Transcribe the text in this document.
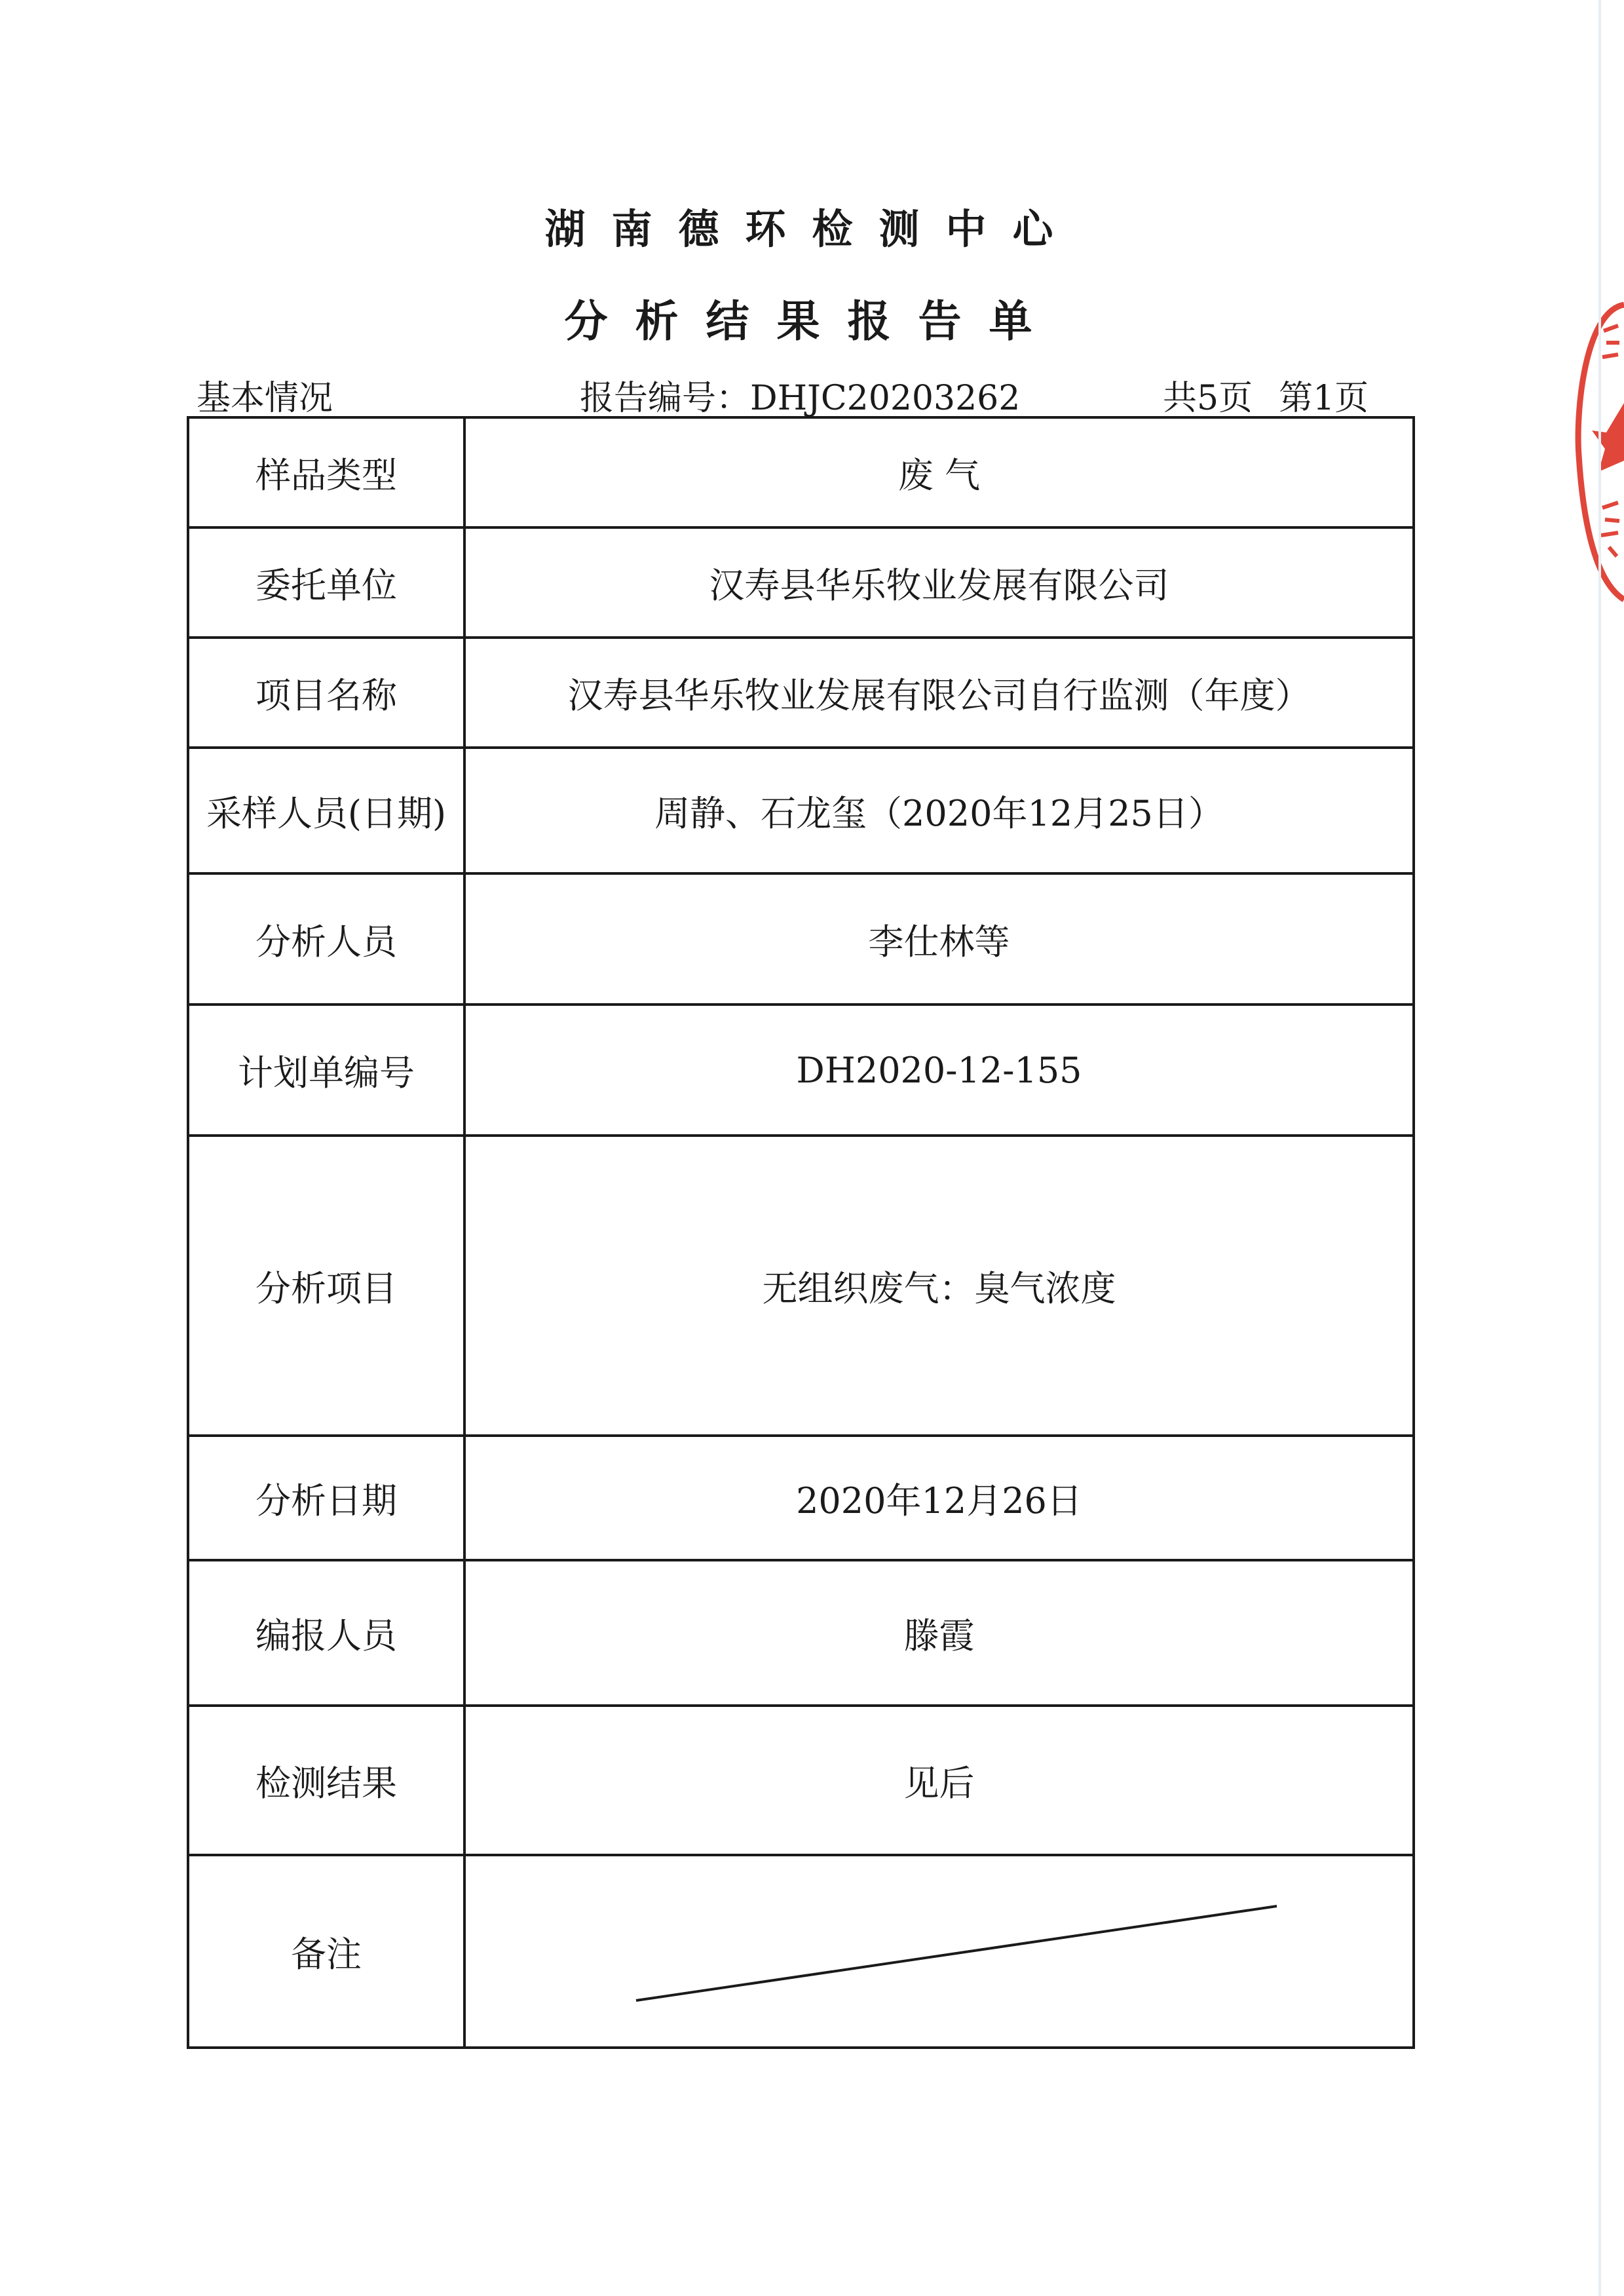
湖南德环检测中心
分析结果报告单
基本情况	报告编号：DHJC20203262	共5页 第1页
样品类型	废 气
委托单位	汉寿县华乐牧业发展有限公司
项目名称	汉寿县华乐牧业发展有限公司自行监测（年度）
采样人员(日期)	周静、石龙玺（2020年12月25日）
分析人员	李仕林等
计划单编号	DH2020-12-155
分析项目	无组织废气：臭气浓度
分析日期	2020年12月26日
编报人员	滕霞
检测结果	见后
备注	
